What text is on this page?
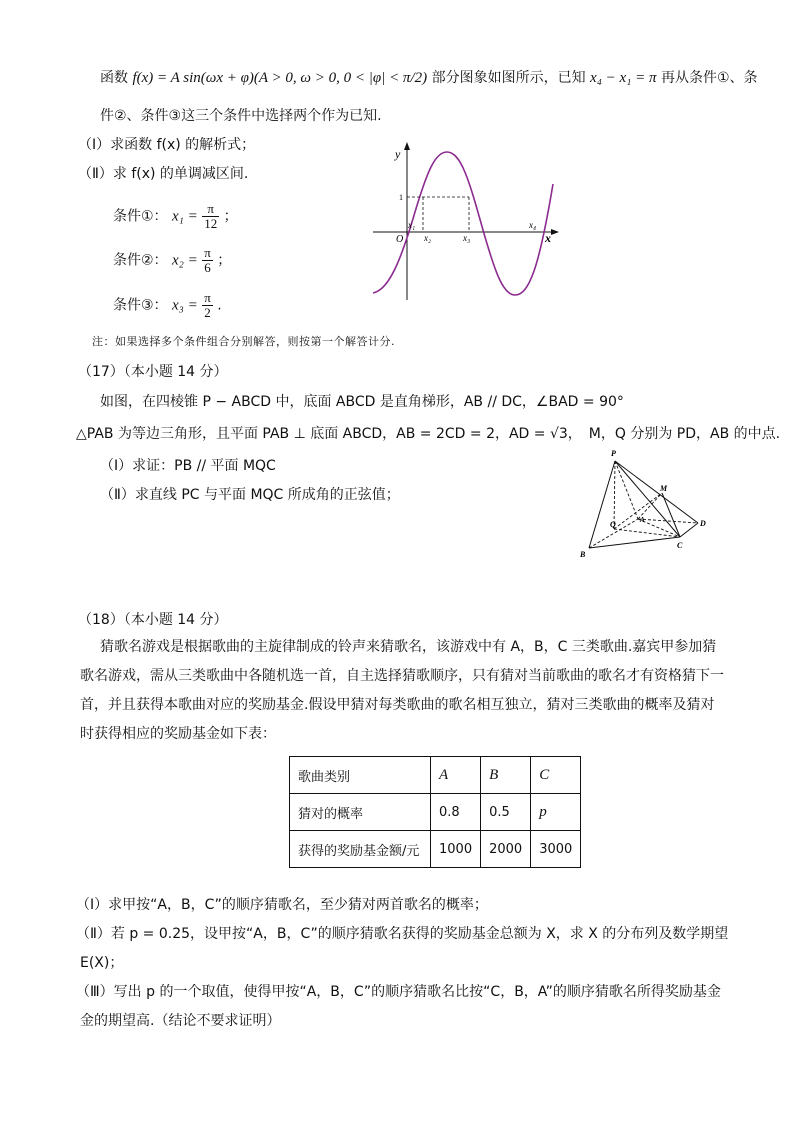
函数 f(x) = A sin(ωx + φ)(A > 0, ω > 0, 0 < |φ| < π/2) 部分图象如图所示，已知 x₄ − x₁ = π 再从条件①、条
件②、条件③这三个条件中选择两个作为已知.
（Ⅰ）求函数 f(x) 的解析式；
（Ⅱ）求 f(x) 的单调减区间.
条件①： $x_1 = \frac{\pi}{12}$ ；
条件②： $x_2 = \frac{\pi}{6}$ ；
条件③： $x_3 = \frac{\pi}{2}$ .
y
x
O
1
x₁
x₂	x₃
x₄
注：如果选择多个条件组合分别解答，则按第一个解答计分.
（17）（本小题 14 分）
如图，在四棱锥 P − ABCD 中，底面 ABCD 是直角梯形，AB // DC，∠BAD = 90°
△PAB 为等边三角形，且平面 PAB ⊥ 底面 ABCD，AB = 2CD = 2，AD = √3，　M，Q 分别为 PD，AB 的中点.
（Ⅰ）求证：PB // 平面 MQC
（Ⅱ）求直线 PC 与平面 MQC 所成角的正弦值；
P
M
Q	A	D
B
C
（18）（本小题 14 分）
猜歌名游戏是根据歌曲的主旋律制成的铃声来猜歌名，该游戏中有 A，B，C 三类歌曲.嘉宾甲参加猜歌名游戏，需从三类歌曲中各随机选一首，自主选择猜歌顺序，只有猜对当前歌曲的歌名才有资格猜下一首，并且获得本歌曲对应的奖励基金.假设甲猜对每类歌曲的歌名相互独立，猜对三类歌曲的概率及猜对时获得相应的奖励基金如下表：
歌曲类别	A	B	C
猜对的概率	0.8	0.5	p
获得的奖励基金额/元	1000	2000	3000
（Ⅰ）求甲按“A，B，C”的顺序猜歌名，至少猜对两首歌名的概率；
（Ⅱ）若 p = 0.25，设甲按“A，B，C”的顺序猜歌名获得的奖励基金总额为 X，求 X 的分布列及数学期望
E(X)；
（Ⅲ）写出 p 的一个取值，使得甲按“A，B，C”的顺序猜歌名比按“C，B，A”的顺序猜歌名所得奖励基金
金的期望高.（结论不要求证明）
